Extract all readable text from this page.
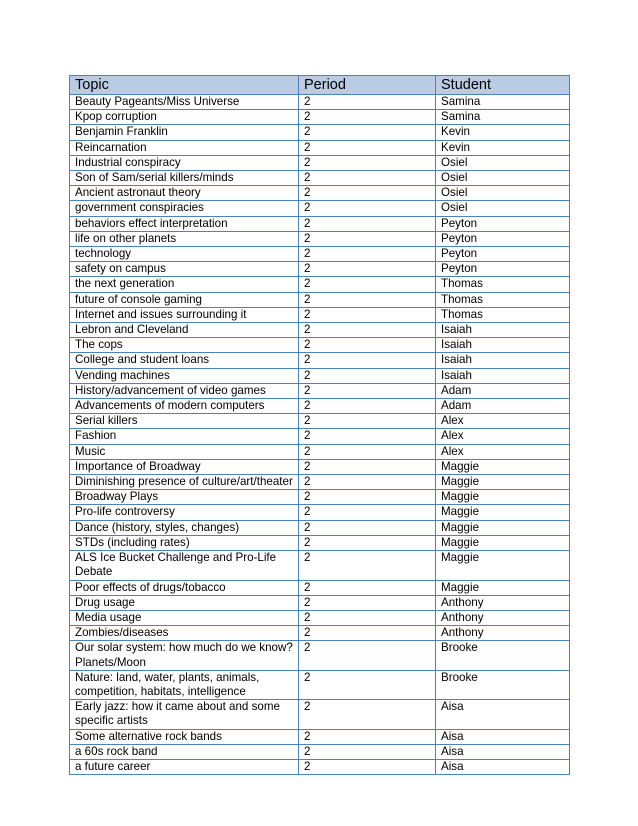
Topic	Period	Student
Beauty Pageants/Miss Universe	2	Samina
Kpop corruption	2	Samina
Benjamin Franklin	2	Kevin
Reincarnation	2	Kevin
Industrial conspiracy	2	Osiel
Son of Sam/serial killers/minds	2	Osiel
Ancient astronaut theory	2	Osiel
government conspiracies	2	Osiel
behaviors effect interpretation	2	Peyton
life on other planets	2	Peyton
technology	2	Peyton
safety on campus	2	Peyton
the next generation	2	Thomas
future of console gaming	2	Thomas
Internet and issues surrounding it	2	Thomas
Lebron and Cleveland	2	Isaiah
The cops	2	Isaiah
College and student loans	2	Isaiah
Vending machines	2	Isaiah
History/advancement of video games	2	Adam
Advancements of modern computers	2	Adam
Serial killers	2	Alex
Fashion	2	Alex
Music	2	Alex
Importance of Broadway	2	Maggie
Diminishing presence of culture/art/theater	2	Maggie
Broadway Plays	2	Maggie
Pro-life controversy	2	Maggie
Dance (history, styles, changes)	2	Maggie
STDs (including rates)	2	Maggie
ALS Ice Bucket Challenge and Pro-Life Debate	2	Maggie
Poor effects of drugs/tobacco	2	Maggie
Drug usage	2	Anthony
Media usage	2	Anthony
Zombies/diseases	2	Anthony
Our solar system: how much do we know? Planets/Moon	2	Brooke
Nature: land, water, plants, animals, competition, habitats, intelligence	2	Brooke
Early jazz: how it came about and some specific artists	2	Aisa
Some alternative rock bands	2	Aisa
a 60s rock band	2	Aisa
a future career	2	Aisa
